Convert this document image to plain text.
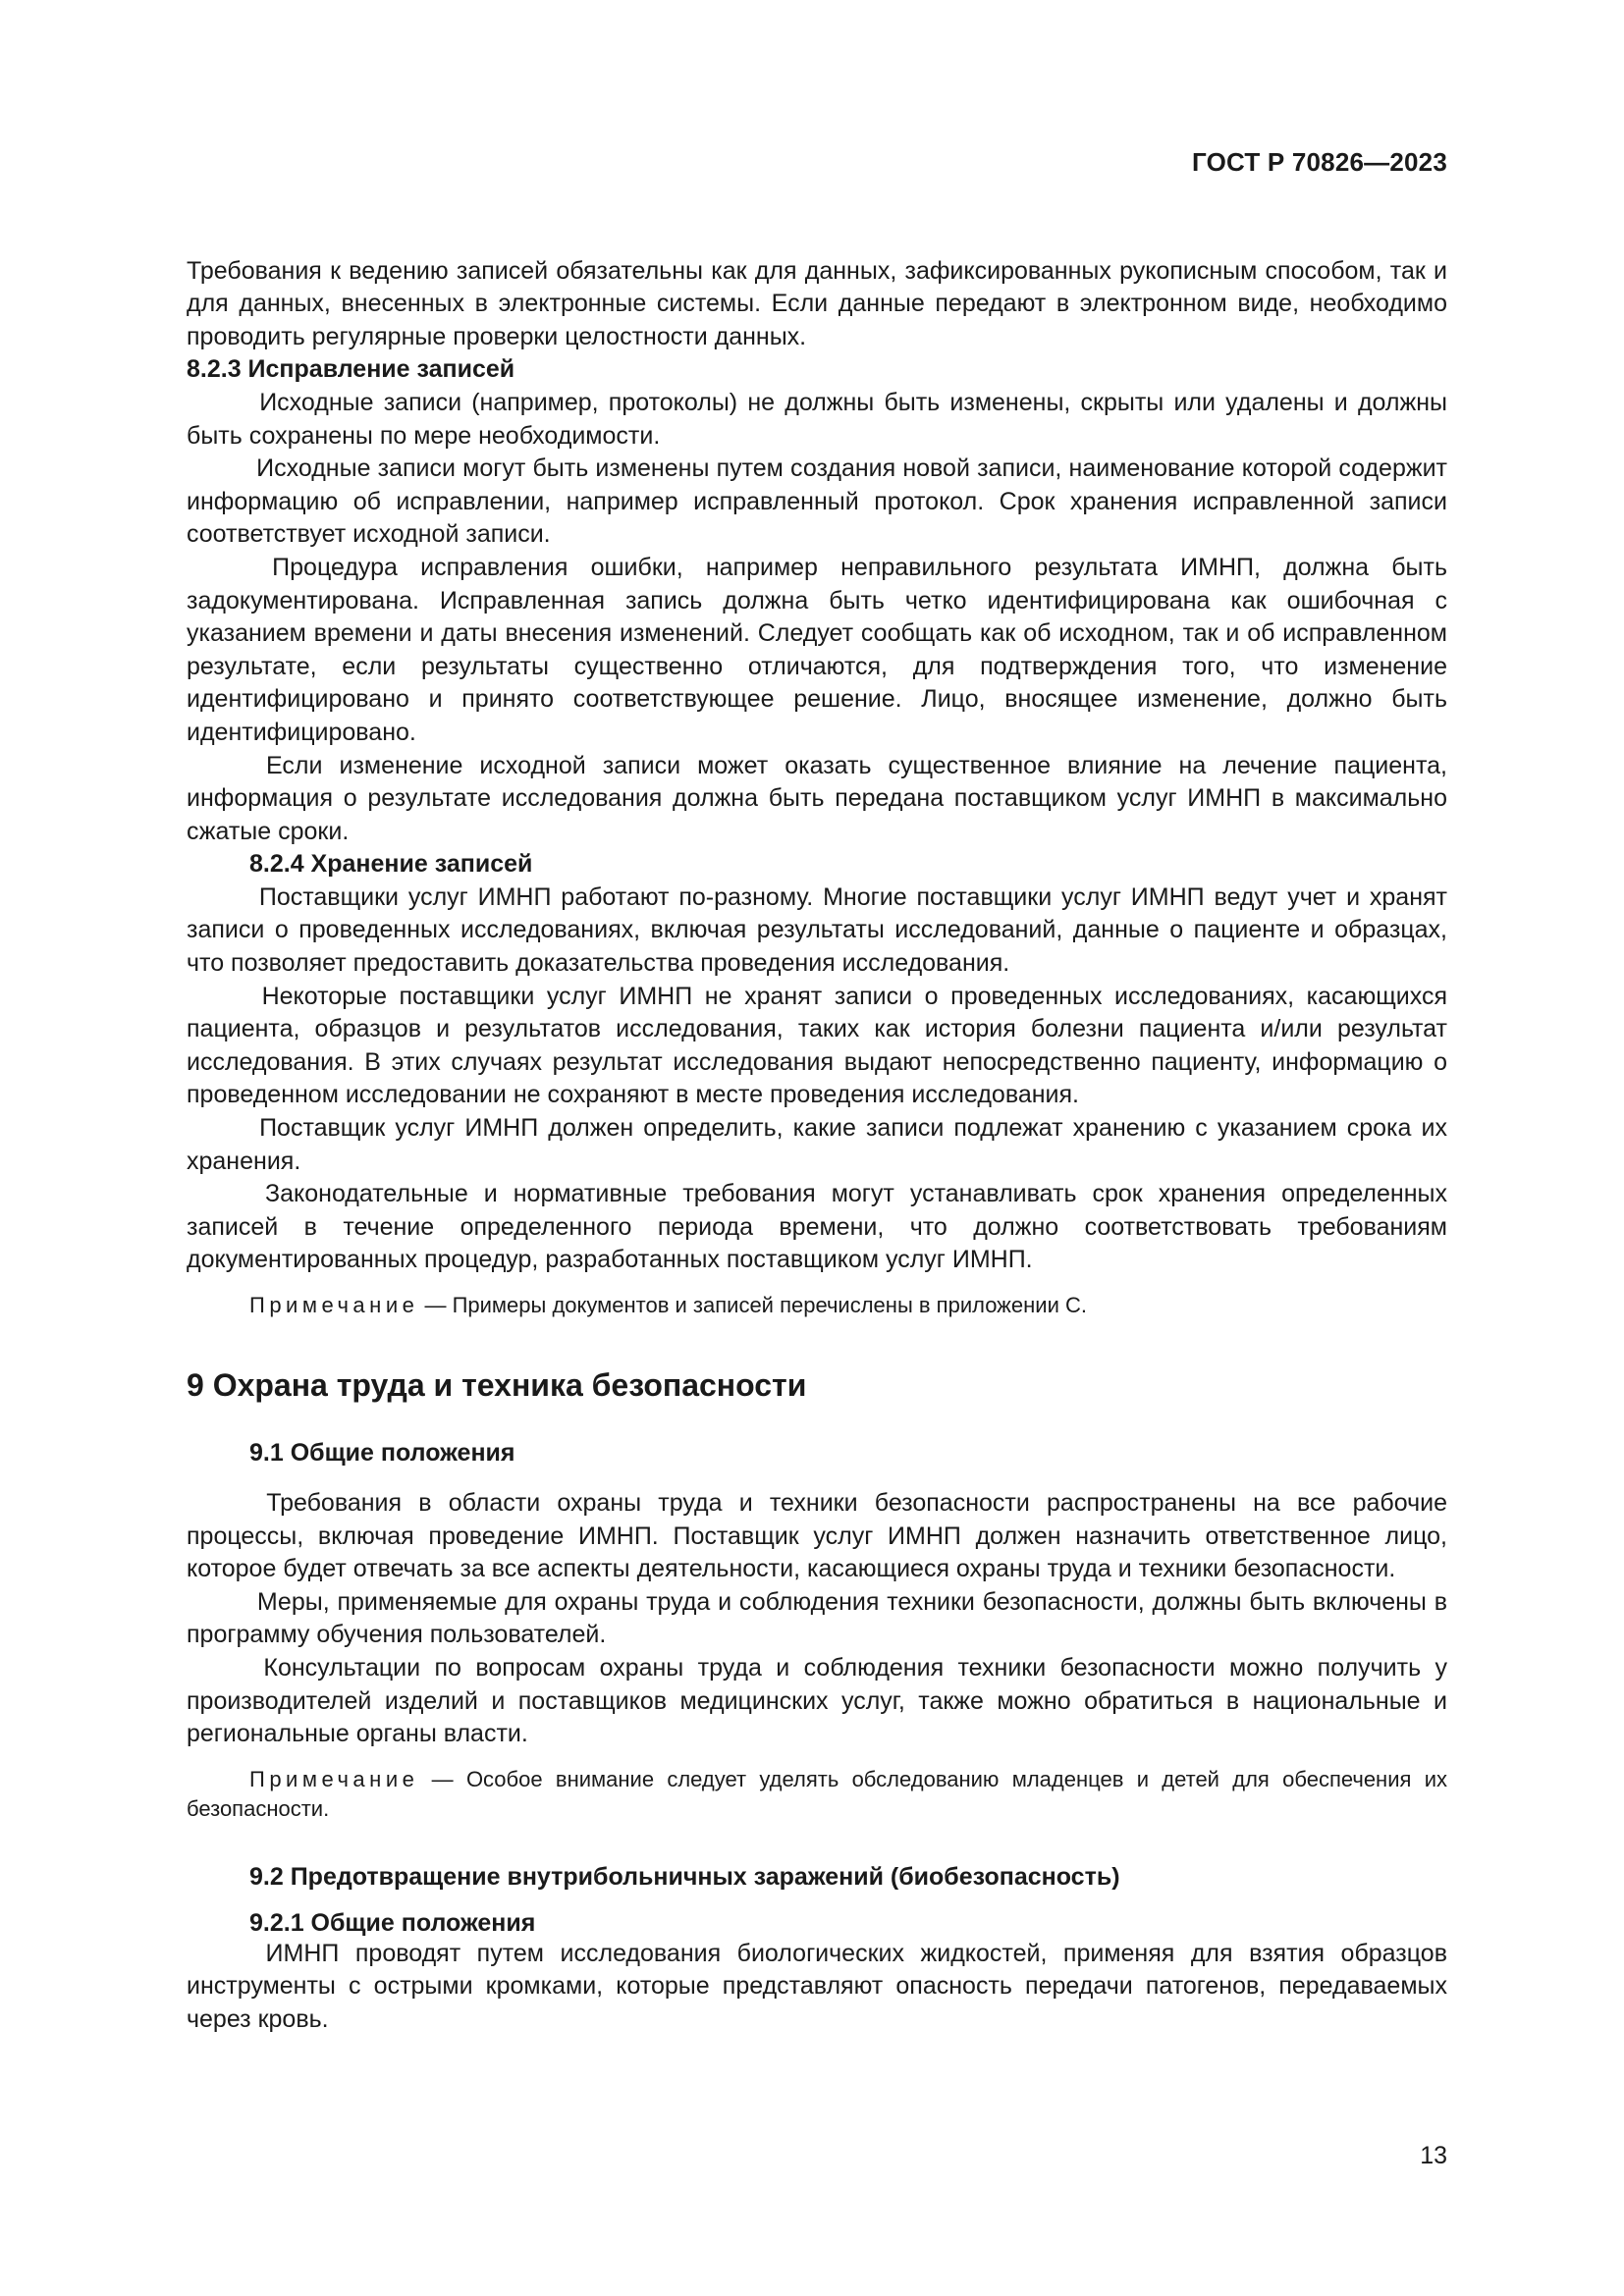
ГОСТ Р 70826—2023

Требования к ведению записей обязательны как для данных, зафиксированных рукописным способом, так и для данных, внесенных в электронные системы. Если данные передают в электронном виде, необходимо проводить регулярные проверки целостности данных.

8.2.3 Исправление записей

Исходные записи (например, протоколы) не должны быть изменены, скрыты или удалены и должны быть сохранены по мере необходимости.

Исходные записи могут быть изменены путем создания новой записи, наименование которой содержит информацию об исправлении, например исправленный протокол. Срок хранения исправленной записи соответствует исходной записи.

Процедура исправления ошибки, например неправильного результата ИМНП, должна быть задокументирована. Исправленная запись должна быть четко идентифицирована как ошибочная с указанием времени и даты внесения изменений. Следует сообщать как об исходном, так и об исправленном результате, если результаты существенно отличаются, для подтверждения того, что изменение идентифицировано и принято соответствующее решение. Лицо, вносящее изменение, должно быть идентифицировано.

Если изменение исходной записи может оказать существенное влияние на лечение пациента, информация о результате исследования должна быть передана поставщиком услуг ИМНП в максимально сжатые сроки.

8.2.4 Хранение записей

Поставщики услуг ИМНП работают по-разному. Многие поставщики услуг ИМНП ведут учет и хранят записи о проведенных исследованиях, включая результаты исследований, данные о пациенте и образцах, что позволяет предоставить доказательства проведения исследования.

Некоторые поставщики услуг ИМНП не хранят записи о проведенных исследованиях, касающихся пациента, образцов и результатов исследования, таких как история болезни пациента и/или результат исследования. В этих случаях результат исследования выдают непосредственно пациенту, информацию о проведенном исследовании не сохраняют в месте проведения исследования.

Поставщик услуг ИМНП должен определить, какие записи подлежат хранению с указанием срока их хранения.

Законодательные и нормативные требования могут устанавливать срок хранения определенных записей в течение определенного периода времени, что должно соответствовать требованиям документированных процедур, разработанных поставщиком услуг ИМНП.

Примечание — Примеры документов и записей перечислены в приложении C.

9 Охрана труда и техника безопасности
9.1 Общие положения

Требования в области охраны труда и техники безопасности распространены на все рабочие процессы, включая проведение ИМНП. Поставщик услуг ИМНП должен назначить ответственное лицо, которое будет отвечать за все аспекты деятельности, касающиеся охраны труда и техники безопасности.

Меры, применяемые для охраны труда и соблюдения техники безопасности, должны быть включены в программу обучения пользователей.

Консультации по вопросам охраны труда и соблюдения техники безопасности можно получить у производителей изделий и поставщиков медицинских услуг, также можно обратиться в национальные и региональные органы власти.

Примечание — Особое внимание следует уделять обследованию младенцев и детей для обеспечения их безопасности.

9.2 Предотвращение внутрибольничных заражений (биобезопасность)
9.2.1 Общие положения

ИМНП проводят путем исследования биологических жидкостей, применяя для взятия образцов инструменты с острыми кромками, которые представляют опасность передачи патогенов, передаваемых через кровь.

13
